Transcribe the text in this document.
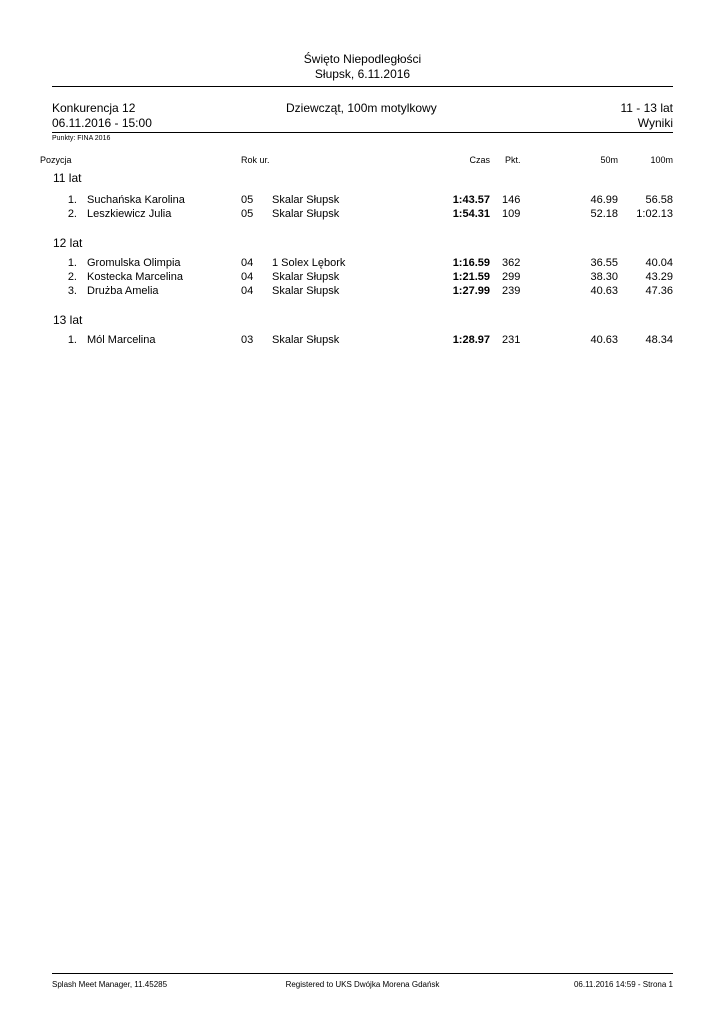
Święto Niepodległości
Słupsk, 6.11.2016
Konkurencja 12	Dziewcząt, 100m motylkowy	11 - 13 lat
06.11.2016 - 15:00	Wyniki
Punkty: FINA 2016
Pozycja	Rok ur.	Czas Pkt.	50m	100m
11 lat
1. Suchańska Karolina	05 Skalar Słupsk	1:43.57 146	46.99	56.58
2. Leszkiewicz Julia	05 Skalar Słupsk	1:54.31 109	52.18	1:02.13
12 lat
1. Gromulska Olimpia	04 1 Solex Lębork	1:16.59 362	36.55	40.04
2. Kostecka Marcelina	04 Skalar Słupsk	1:21.59 299	38.30	43.29
3. Drużba Amelia	04 Skalar Słupsk	1:27.99 239	40.63	47.36
13 lat
1. Mól Marcelina	03 Skalar Słupsk	1:28.97 231	40.63	48.34
Splash Meet Manager, 11.45285	Registered to UKS Dwójka Morena Gdańsk	06.11.2016 14:59 - Strona 1
